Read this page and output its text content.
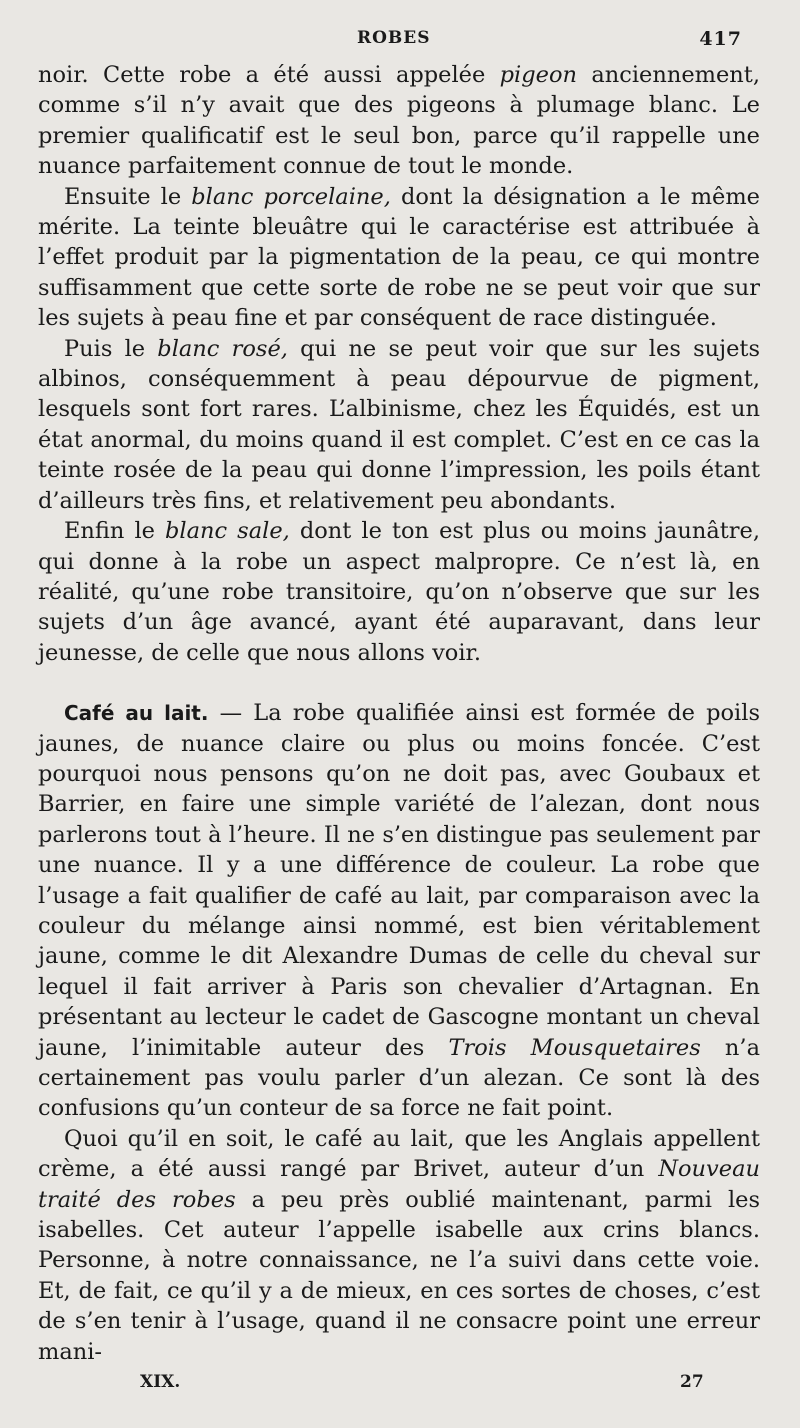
ROBES	417

noir. Cette robe a été aussi appelée pigeon anciennement, comme s’il n’y avait que des pigeons à plumage blanc. Le premier qualificatif est le seul bon, parce qu’il rappelle une nuance parfaitement connue de tout le monde.

Ensuite le blanc porcelaine, dont la désignation a le même mérite. La teinte bleuâtre qui le caractérise est attribuée à l’effet produit par la pigmentation de la peau, ce qui montre suffisamment que cette sorte de robe ne se peut voir que sur les sujets à peau fine et par conséquent de race distinguée.

Puis le blanc rosé, qui ne se peut voir que sur les sujets albinos, conséquemment à peau dépourvue de pigment, lesquels sont fort rares. L’albinisme, chez les Équidés, est un état anormal, du moins quand il est complet. C’est en ce cas la teinte rosée de la peau qui donne l’impression, les poils étant d’ailleurs très fins, et relativement peu abondants.

Enfin le blanc sale, dont le ton est plus ou moins jaunâtre, qui donne à la robe un aspect malpropre. Ce n’est là, en réalité, qu’une robe transitoire, qu’on n’observe que sur les sujets d’un âge avancé, ayant été auparavant, dans leur jeunesse, de celle que nous allons voir.

Café au lait. — La robe qualifiée ainsi est formée de poils jaunes, de nuance claire ou plus ou moins foncée. C’est pourquoi nous pensons qu’on ne doit pas, avec Goubaux et Barrier, en faire une simple variété de l’alezan, dont nous parlerons tout à l’heure. Il ne s’en distingue pas seulement par une nuance. Il y a une différence de couleur. La robe que l’usage a fait qualifier de café au lait, par comparaison avec la couleur du mélange ainsi nommé, est bien véritablement jaune, comme le dit Alexandre Dumas de celle du cheval sur lequel il fait arriver à Paris son chevalier d’Artagnan. En présentant au lecteur le cadet de Gascogne montant un cheval jaune, l’inimitable auteur des Trois Mousquetaires n’a certainement pas voulu parler d’un alezan. Ce sont là des confusions qu’un conteur de sa force ne fait point.

Quoi qu’il en soit, le café au lait, que les Anglais appellent crème, a été aussi rangé par Brivet, auteur d’un Nouveau traité des robes a peu près oublié maintenant, parmi les isabelles. Cet auteur l’appelle isabelle aux crins blancs. Personne, à notre connaissance, ne l’a suivi dans cette voie. Et, de fait, ce qu’il y a de mieux, en ces sortes de choses, c’est de s’en tenir à l’usage, quand il ne consacre point une erreur mani-

XIX.	27
